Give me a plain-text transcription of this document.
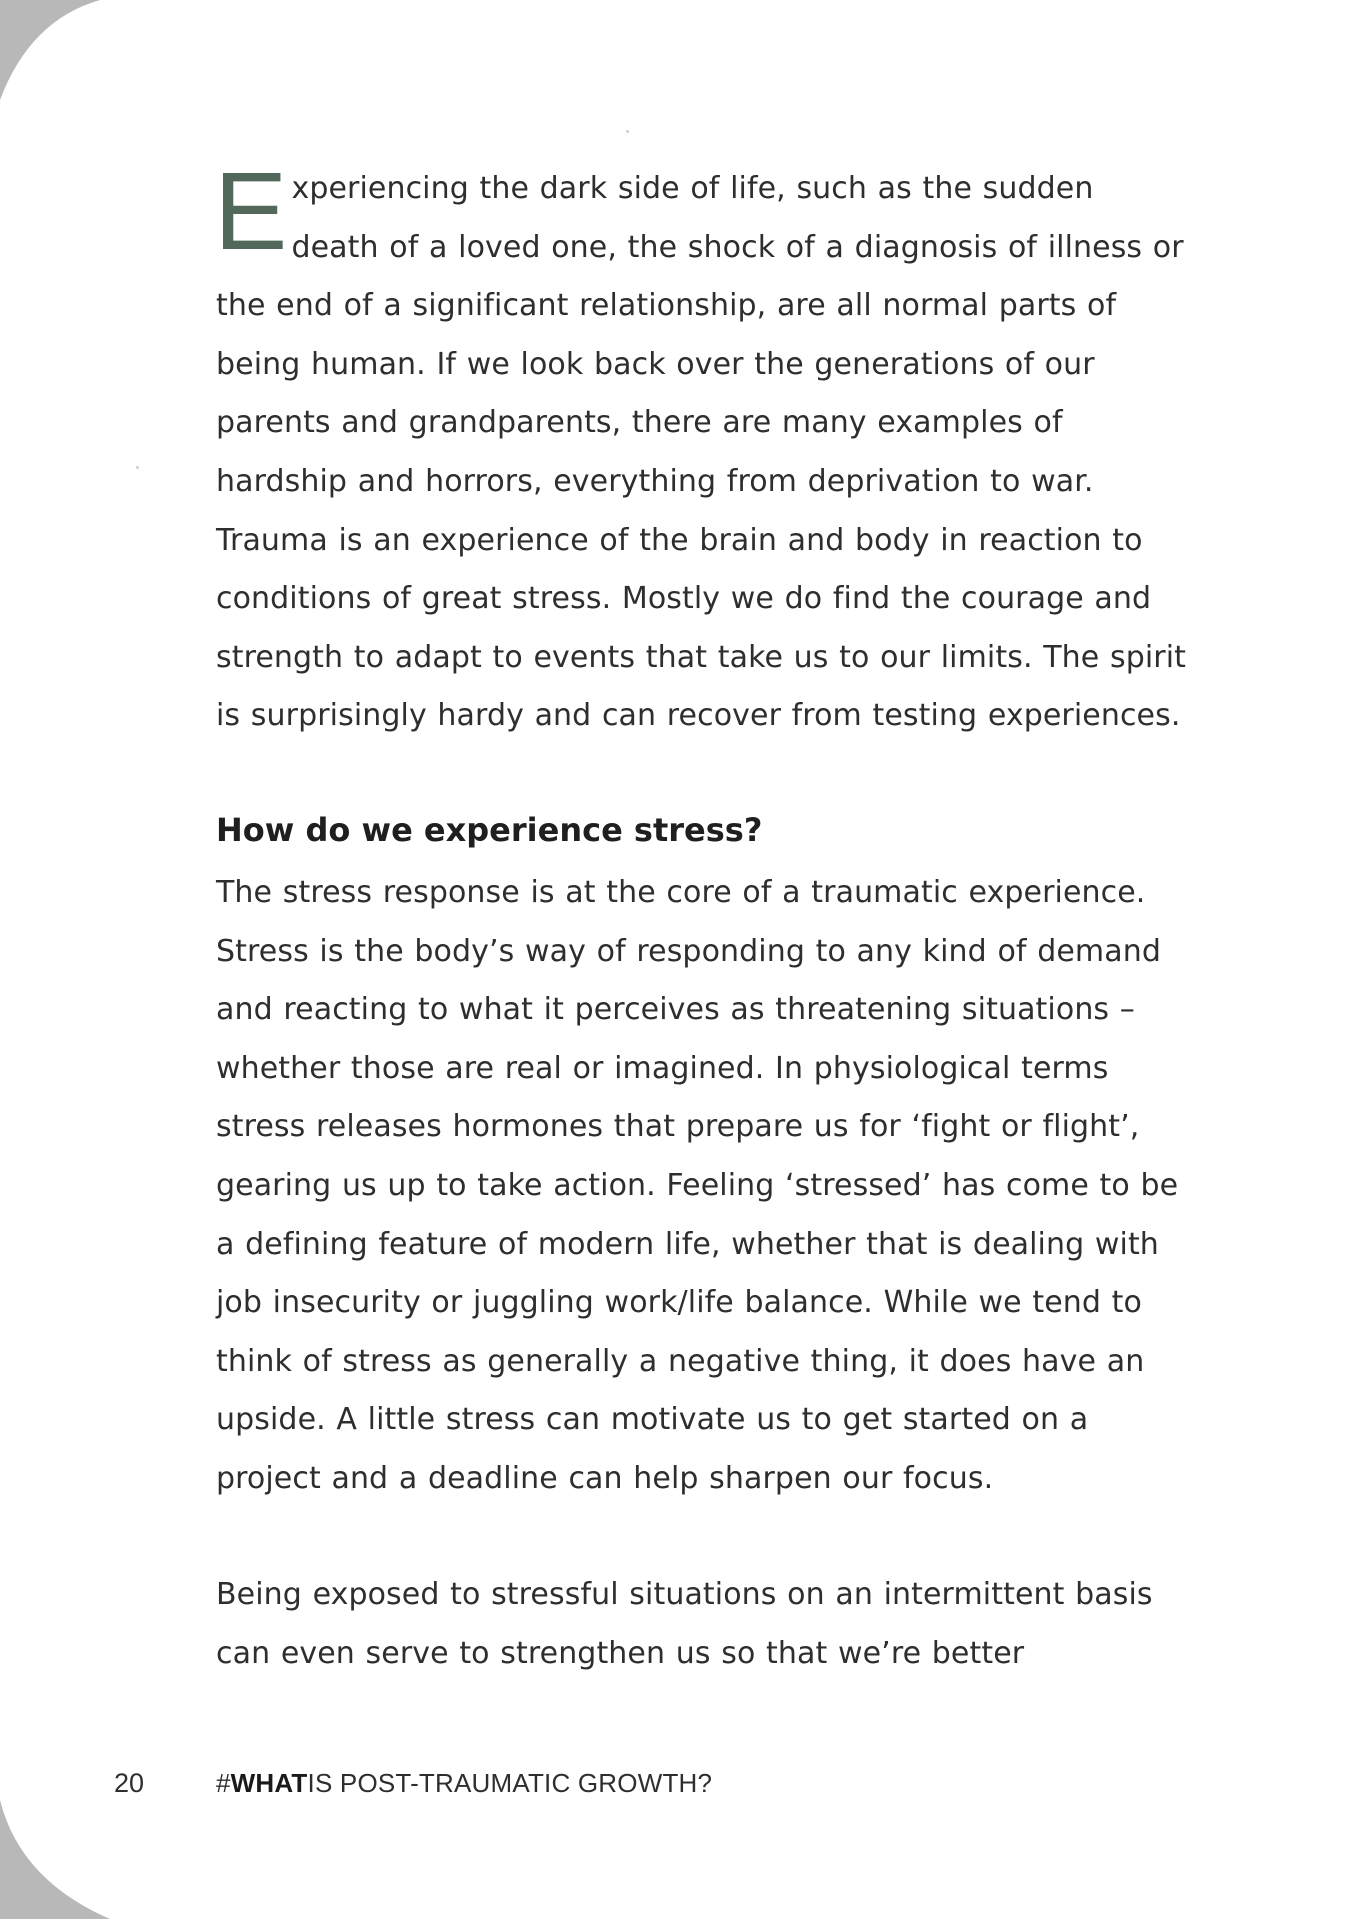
Experiencing the dark side of life, such as the sudden death of a loved one, the shock of a diagnosis of illness or the end of a significant relationship, are all normal parts of being human. If we look back over the generations of our parents and grandparents, there are many examples of hardship and horrors, everything from deprivation to war. Trauma is an experience of the brain and body in reaction to conditions of great stress. Mostly we do find the courage and strength to adapt to events that take us to our limits. The spirit is surprisingly hardy and can recover from testing experiences.

How do we experience stress?

The stress response is at the core of a traumatic experience. Stress is the body’s way of responding to any kind of demand and reacting to what it perceives as threatening situations – whether those are real or imagined. In physiological terms stress releases hormones that prepare us for ‘fight or flight’, gearing us up to take action. Feeling ‘stressed’ has come to be a defining feature of modern life, whether that is dealing with job insecurity or juggling work/life balance. While we tend to think of stress as generally a negative thing, it does have an upside. A little stress can motivate us to get started on a project and a deadline can help sharpen our focus.

Being exposed to stressful situations on an intermittent basis can even serve to strengthen us so that we’re better

20	#WHATIS POST-TRAUMATIC GROWTH?
